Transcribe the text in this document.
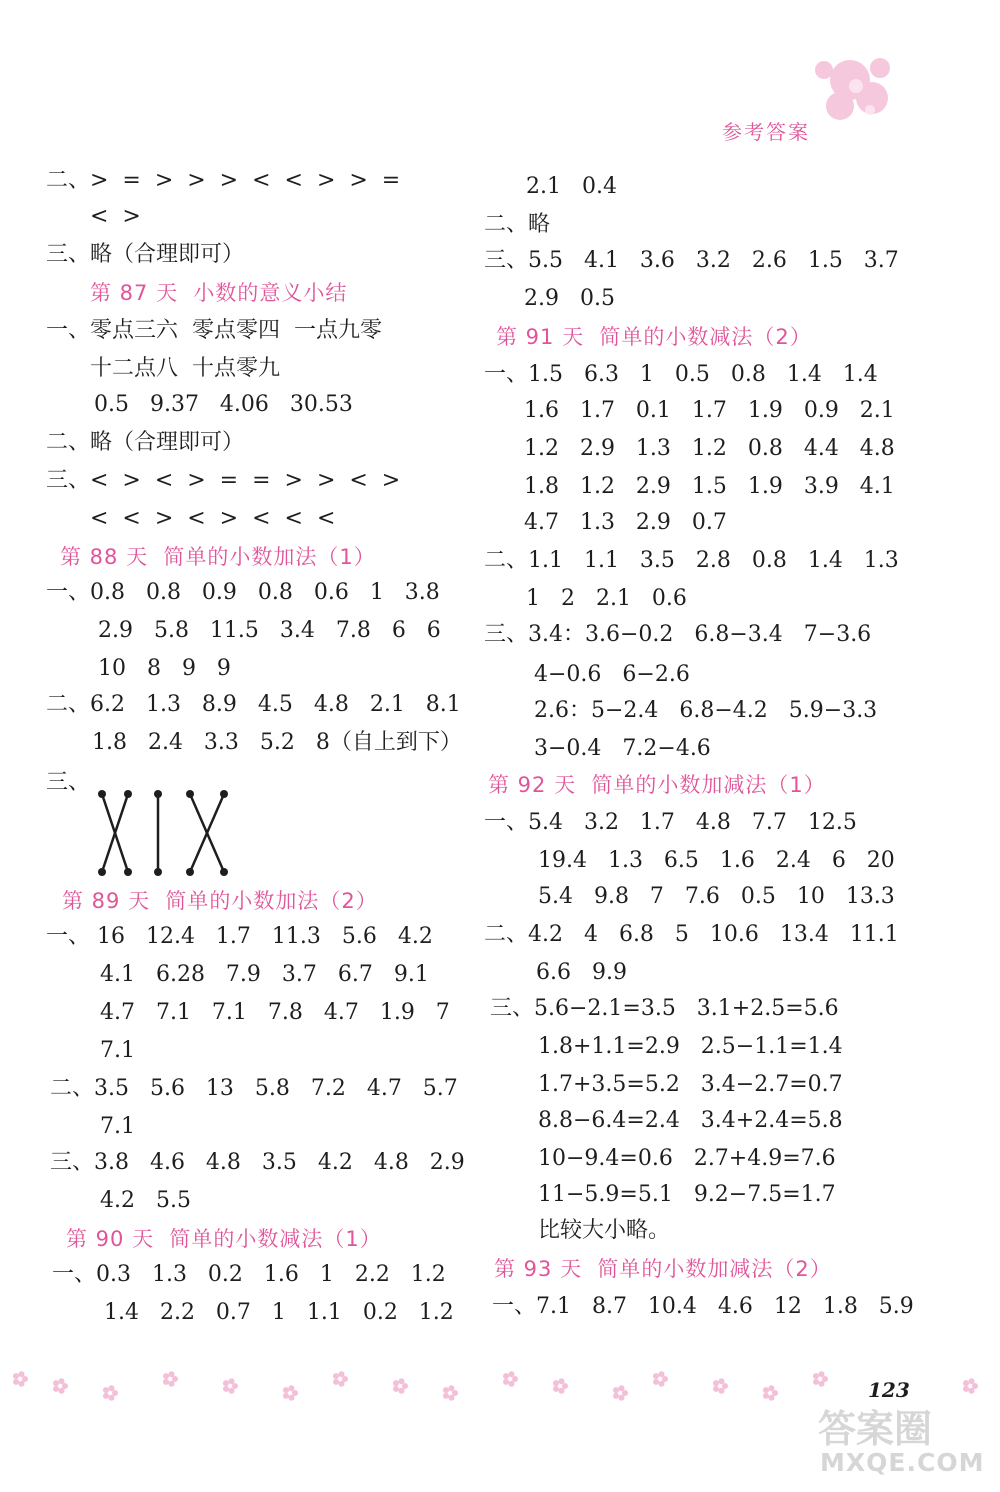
参考答案
二、>  =  >  >  >  <  <  >  >  =
<  >
三、略（合理即可）
第 87 天  小数的意义小结
一、零点三六  零点零四  一点九零
十二点八  十点零九
0.5   9.37   4.06   30.53
二、略（合理即可）
三、<  >  <  >  =  =  >  >  <  >
<  <  >  <  >  <  <  <
第 88 天  简单的小数加法（1）
一、0.8   0.8   0.9   0.8   0.6   1   3.8
2.9   5.8   11.5   3.4   7.8   6   6
10   8   9   9
二、6.2   1.3   8.9   4.5   4.8   2.1   8.1
1.8   2.4   3.3   5.2   8（自上到下）
三、
第 89 天  简单的小数加法（2）
一、 16   12.4   1.7   11.3   5.6   4.2
4.1   6.28   7.9   3.7   6.7   9.1
4.7   7.1   7.1   7.8   4.7   1.9   7
7.1
二、3.5   5.6   13   5.8   7.2   4.7   5.7
7.1
三、3.8   4.6   4.8   3.5   4.2   4.8   2.9
4.2   5.5
第 90 天  简单的小数减法（1）
一、0.3   1.3   0.2   1.6   1   2.2   1.2
1.4   2.2   0.7   1   1.1   0.2   1.2
2.1   0.4
二、略
三、5.5   4.1   3.6   3.2   2.6   1.5   3.7
2.9   0.5
第 91 天  简单的小数减法（2）
一、1.5   6.3   1   0.5   0.8   1.4   1.4
1.6   1.7   0.1   1.7   1.9   0.9   2.1
1.2   2.9   1.3   1.2   0.8   4.4   4.8
1.8   1.2   2.9   1.5   1.9   3.9   4.1
4.7   1.3   2.9   0.7
二、1.1   1.1   3.5   2.8   0.8   1.4   1.3
1   2   2.1   0.6
三、3.4：3.6−0.2   6.8−3.4   7−3.6
4−0.6   6−2.6
2.6：5−2.4   6.8−4.2   5.9−3.3
3−0.4   7.2−4.6
第 92 天  简单的小数加减法（1）
一、5.4   3.2   1.7   4.8   7.7   12.5
19.4   1.3   6.5   1.6   2.4   6   20
5.4   9.8   7   7.6   0.5   10   13.3
二、4.2   4   6.8   5   10.6   13.4   11.1
6.6   9.9
三、5.6−2.1=3.5   3.1+2.5=5.6
1.8+1.1=2.9   2.5−1.1=1.4
1.7+3.5=5.2   3.4−2.7=0.7
8.8−6.4=2.4   3.4+2.4=5.8
10−9.4=0.6   2.7+4.9=7.6
11−5.9=5.1   9.2−7.5=1.7
比较大小略。
第 93 天  简单的小数加减法（2）
一、7.1   8.7   10.4   4.6   12   1.8   5.9
123
答案圈
MXQE.COM
